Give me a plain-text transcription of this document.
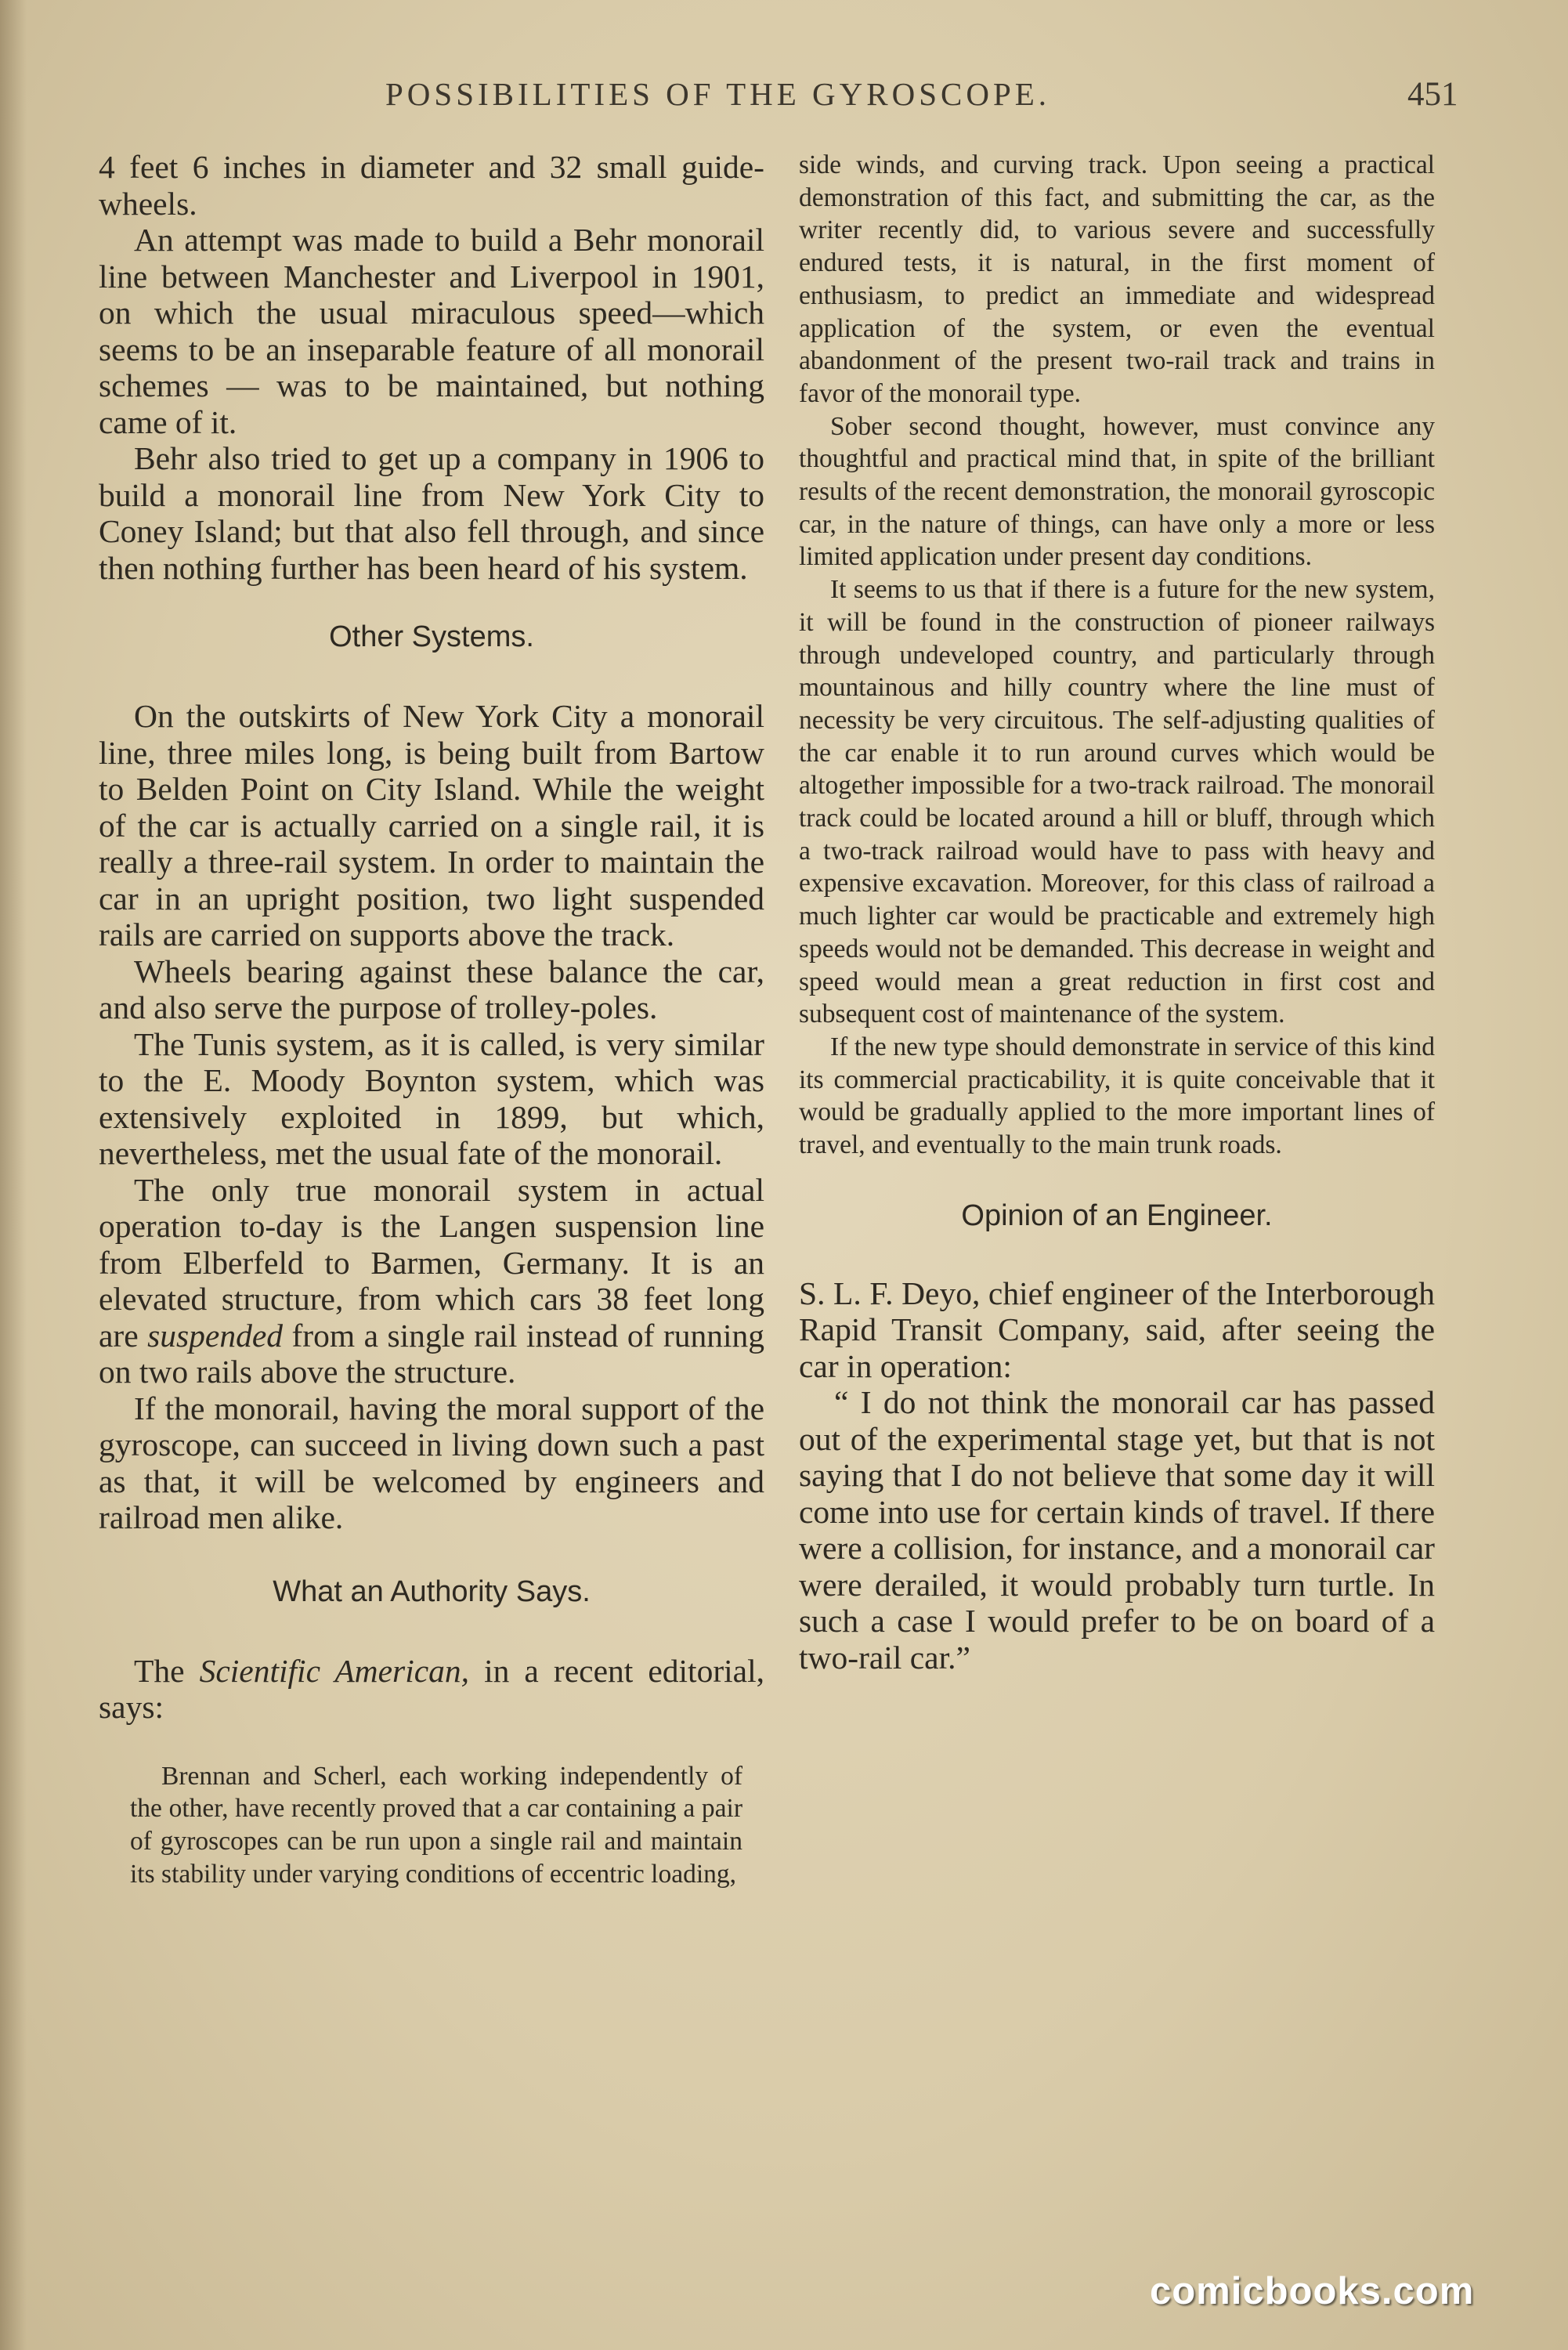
POSSIBILITIES OF THE GYROSCOPE.	451

4 feet 6 inches in diameter and 32 small guide-wheels.

An attempt was made to build a Behr monorail line between Manchester and Liverpool in 1901, on which the usual miraculous speed—which seems to be an inseparable feature of all monorail schemes — was to be maintained, but nothing came of it.

Behr also tried to get up a company in 1906 to build a monorail line from New York City to Coney Island; but that also fell through, and since then nothing further has been heard of his system.

Other Systems.

On the outskirts of New York City a monorail line, three miles long, is being built from Bartow to Belden Point on City Island. While the weight of the car is actually carried on a single rail, it is really a three-rail system. In order to maintain the car in an upright position, two light suspended rails are carried on supports above the track.

Wheels bearing against these balance the car, and also serve the purpose of trolley-poles.

The Tunis system, as it is called, is very similar to the E. Moody Boynton system, which was extensively exploited in 1899, but which, nevertheless, met the usual fate of the monorail.

The only true monorail system in actual operation to-day is the Langen suspension line from Elberfeld to Barmen, Germany. It is an elevated structure, from which cars 38 feet long are suspended from a single rail instead of running on two rails above the structure.

If the monorail, having the moral support of the gyroscope, can succeed in living down such a past as that, it will be welcomed by engineers and railroad men alike.

What an Authority Says.

The Scientific American, in a recent editorial, says:

Brennan and Scherl, each working independently of the other, have recently proved that a car containing a pair of gyroscopes can be run upon a single rail and maintain its stability under varying conditions of eccentric loading,

side winds, and curving track. Upon seeing a practical demonstration of this fact, and submitting the car, as the writer recently did, to various severe and successfully endured tests, it is natural, in the first moment of enthusiasm, to predict an immediate and widespread application of the system, or even the eventual abandonment of the present two-rail track and trains in favor of the monorail type.

Sober second thought, however, must convince any thoughtful and practical mind that, in spite of the brilliant results of the recent demonstration, the monorail gyroscopic car, in the nature of things, can have only a more or less limited application under present day conditions.

It seems to us that if there is a future for the new system, it will be found in the construction of pioneer railways through undeveloped country, and particularly through mountainous and hilly country where the line must of necessity be very circuitous. The self-adjusting qualities of the car enable it to run around curves which would be altogether impossible for a two-track railroad. The monorail track could be located around a hill or bluff, through which a two-track railroad would have to pass with heavy and expensive excavation. Moreover, for this class of railroad a much lighter car would be practicable and extremely high speeds would not be demanded. This decrease in weight and speed would mean a great reduction in first cost and subsequent cost of maintenance of the system.

If the new type should demonstrate in service of this kind its commercial practicability, it is quite conceivable that it would be gradually applied to the more important lines of travel, and eventually to the main trunk roads.

Opinion of an Engineer.

S. L. F. Deyo, chief engineer of the Interborough Rapid Transit Company, said, after seeing the car in operation:

“ I do not think the monorail car has passed out of the experimental stage yet, but that is not saying that I do not believe that some day it will come into use for certain kinds of travel. If there were a collision, for instance, and a monorail car were derailed, it would probably turn turtle. In such a case I would prefer to be on board of a two-rail car.”

comicbooks.com
